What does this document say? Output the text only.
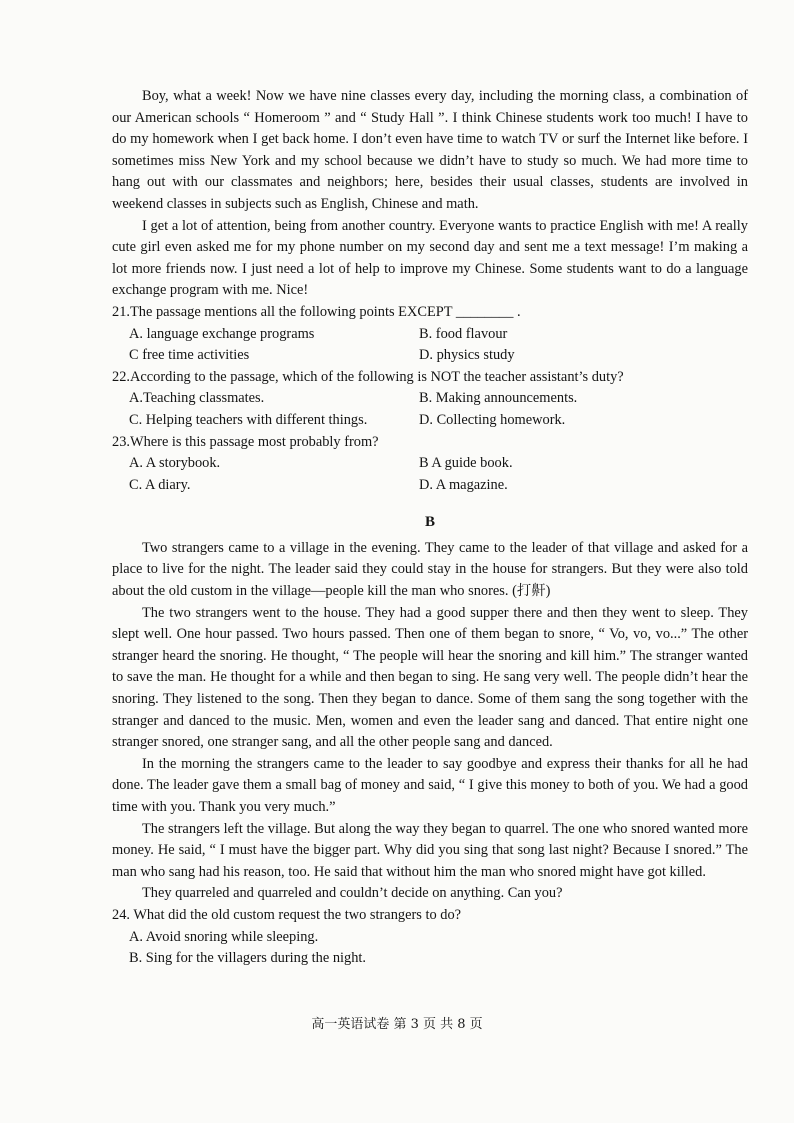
Boy, what a week! Now we have nine classes every day, including the morning class, a combination of our American schools “ Homeroom ” and “ Study Hall ”. I think Chinese students work too much! I have to do my homework when I get back home. I don’t even have time to watch TV or surf the Internet like before. I sometimes miss New York and my school because we didn’t have to study so much. We had more time to hang out with our classmates and neighbors; here, besides their usual classes, students are involved in weekend classes in subjects such as English, Chinese and math.

I get a lot of attention, being from another country. Everyone wants to practice English with me! A really cute girl even asked me for my phone number on my second day and sent me a text message! I’m making a lot more friends now. I just need a lot of help to improve my Chinese. Some students want to do a language exchange program with me. Nice!

21.The passage mentions all the following points EXCEPT ________ .

A. language exchange programs	B. food flavour
C free time activities	D. physics study

22.According to the passage, which of the following is NOT the teacher assistant’s duty?

A.Teaching classmates.	B. Making announcements.
C. Helping teachers with different things.	D. Collecting homework.

23.Where is this passage most probably from?

A. A storybook.	B A guide book.
C. A diary.	D. A magazine.
B

Two strangers came to a village in the evening. They came to the leader of that village and asked for a place to live for the night. The leader said they could stay in the house for strangers. But they were also told about the old custom in the village—people kill the man who snores. (打鼾)

The two strangers went to the house. They had a good supper there and then they went to sleep. They slept well. One hour passed. Two hours passed. Then one of them began to snore, “ Vo, vo, vo...” The other stranger heard the snoring. He thought, “ The people will hear the snoring and kill him.” The stranger wanted to save the man. He thought for a while and then began to sing. He sang very well. The people didn’t hear the snoring. They listened to the song. Then they began to dance. Some of them sang the song together with the stranger and danced to the music. Men, women and even the leader sang and danced. That entire night one stranger snored, one stranger sang, and all the other people sang and danced.

In the morning the strangers came to the leader to say goodbye and express their thanks for all he had done. The leader gave them a small bag of money and said, “ I give this money to both of you. We had a good time with you. Thank you very much.”

The strangers left the village. But along the way they began to quarrel. The one who snored wanted more money. He said, “ I must have the bigger part. Why did you sing that song last night? Because I snored.” The man who sang had his reason, too. He said that without him the man who snored might have got killed.

They quarreled and quarreled and couldn’t decide on anything. Can you?

24. What did the old custom request the two strangers to do?

A. Avoid snoring while sleeping.
B. Sing for the villagers during the night.
高一英语试卷 第 3 页 共 8 页
